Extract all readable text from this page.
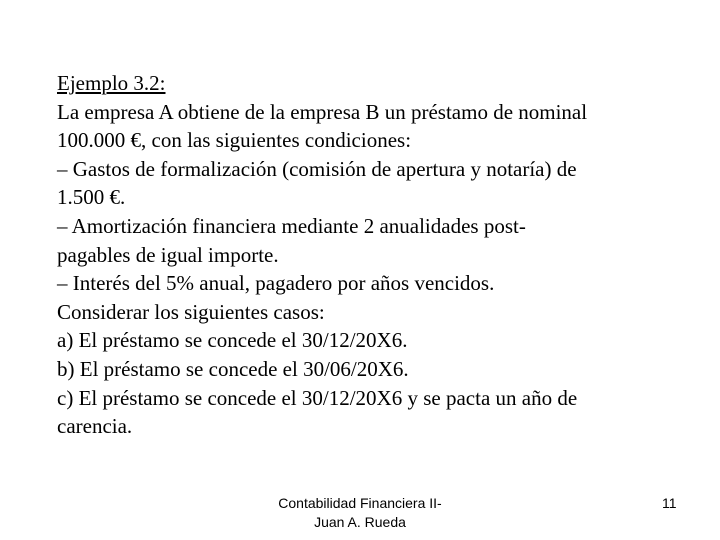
Ejemplo 3.2:
La empresa A obtiene de la empresa B un préstamo de nominal
100.000 €, con las siguientes condiciones:
– Gastos de formalización (comisión de apertura y notaría) de
1.500 €.
– Amortización financiera mediante 2 anualidades post-
pagables de igual importe.
– Interés del 5% anual, pagadero por años vencidos.
Considerar los siguientes casos:
a) El préstamo se concede el 30/12/20X6.
b) El préstamo se concede el 30/06/20X6.
c) El préstamo se concede el 30/12/20X6 y se pacta un año de
carencia.
Contabilidad Financiera II-
Juan A. Rueda
11
